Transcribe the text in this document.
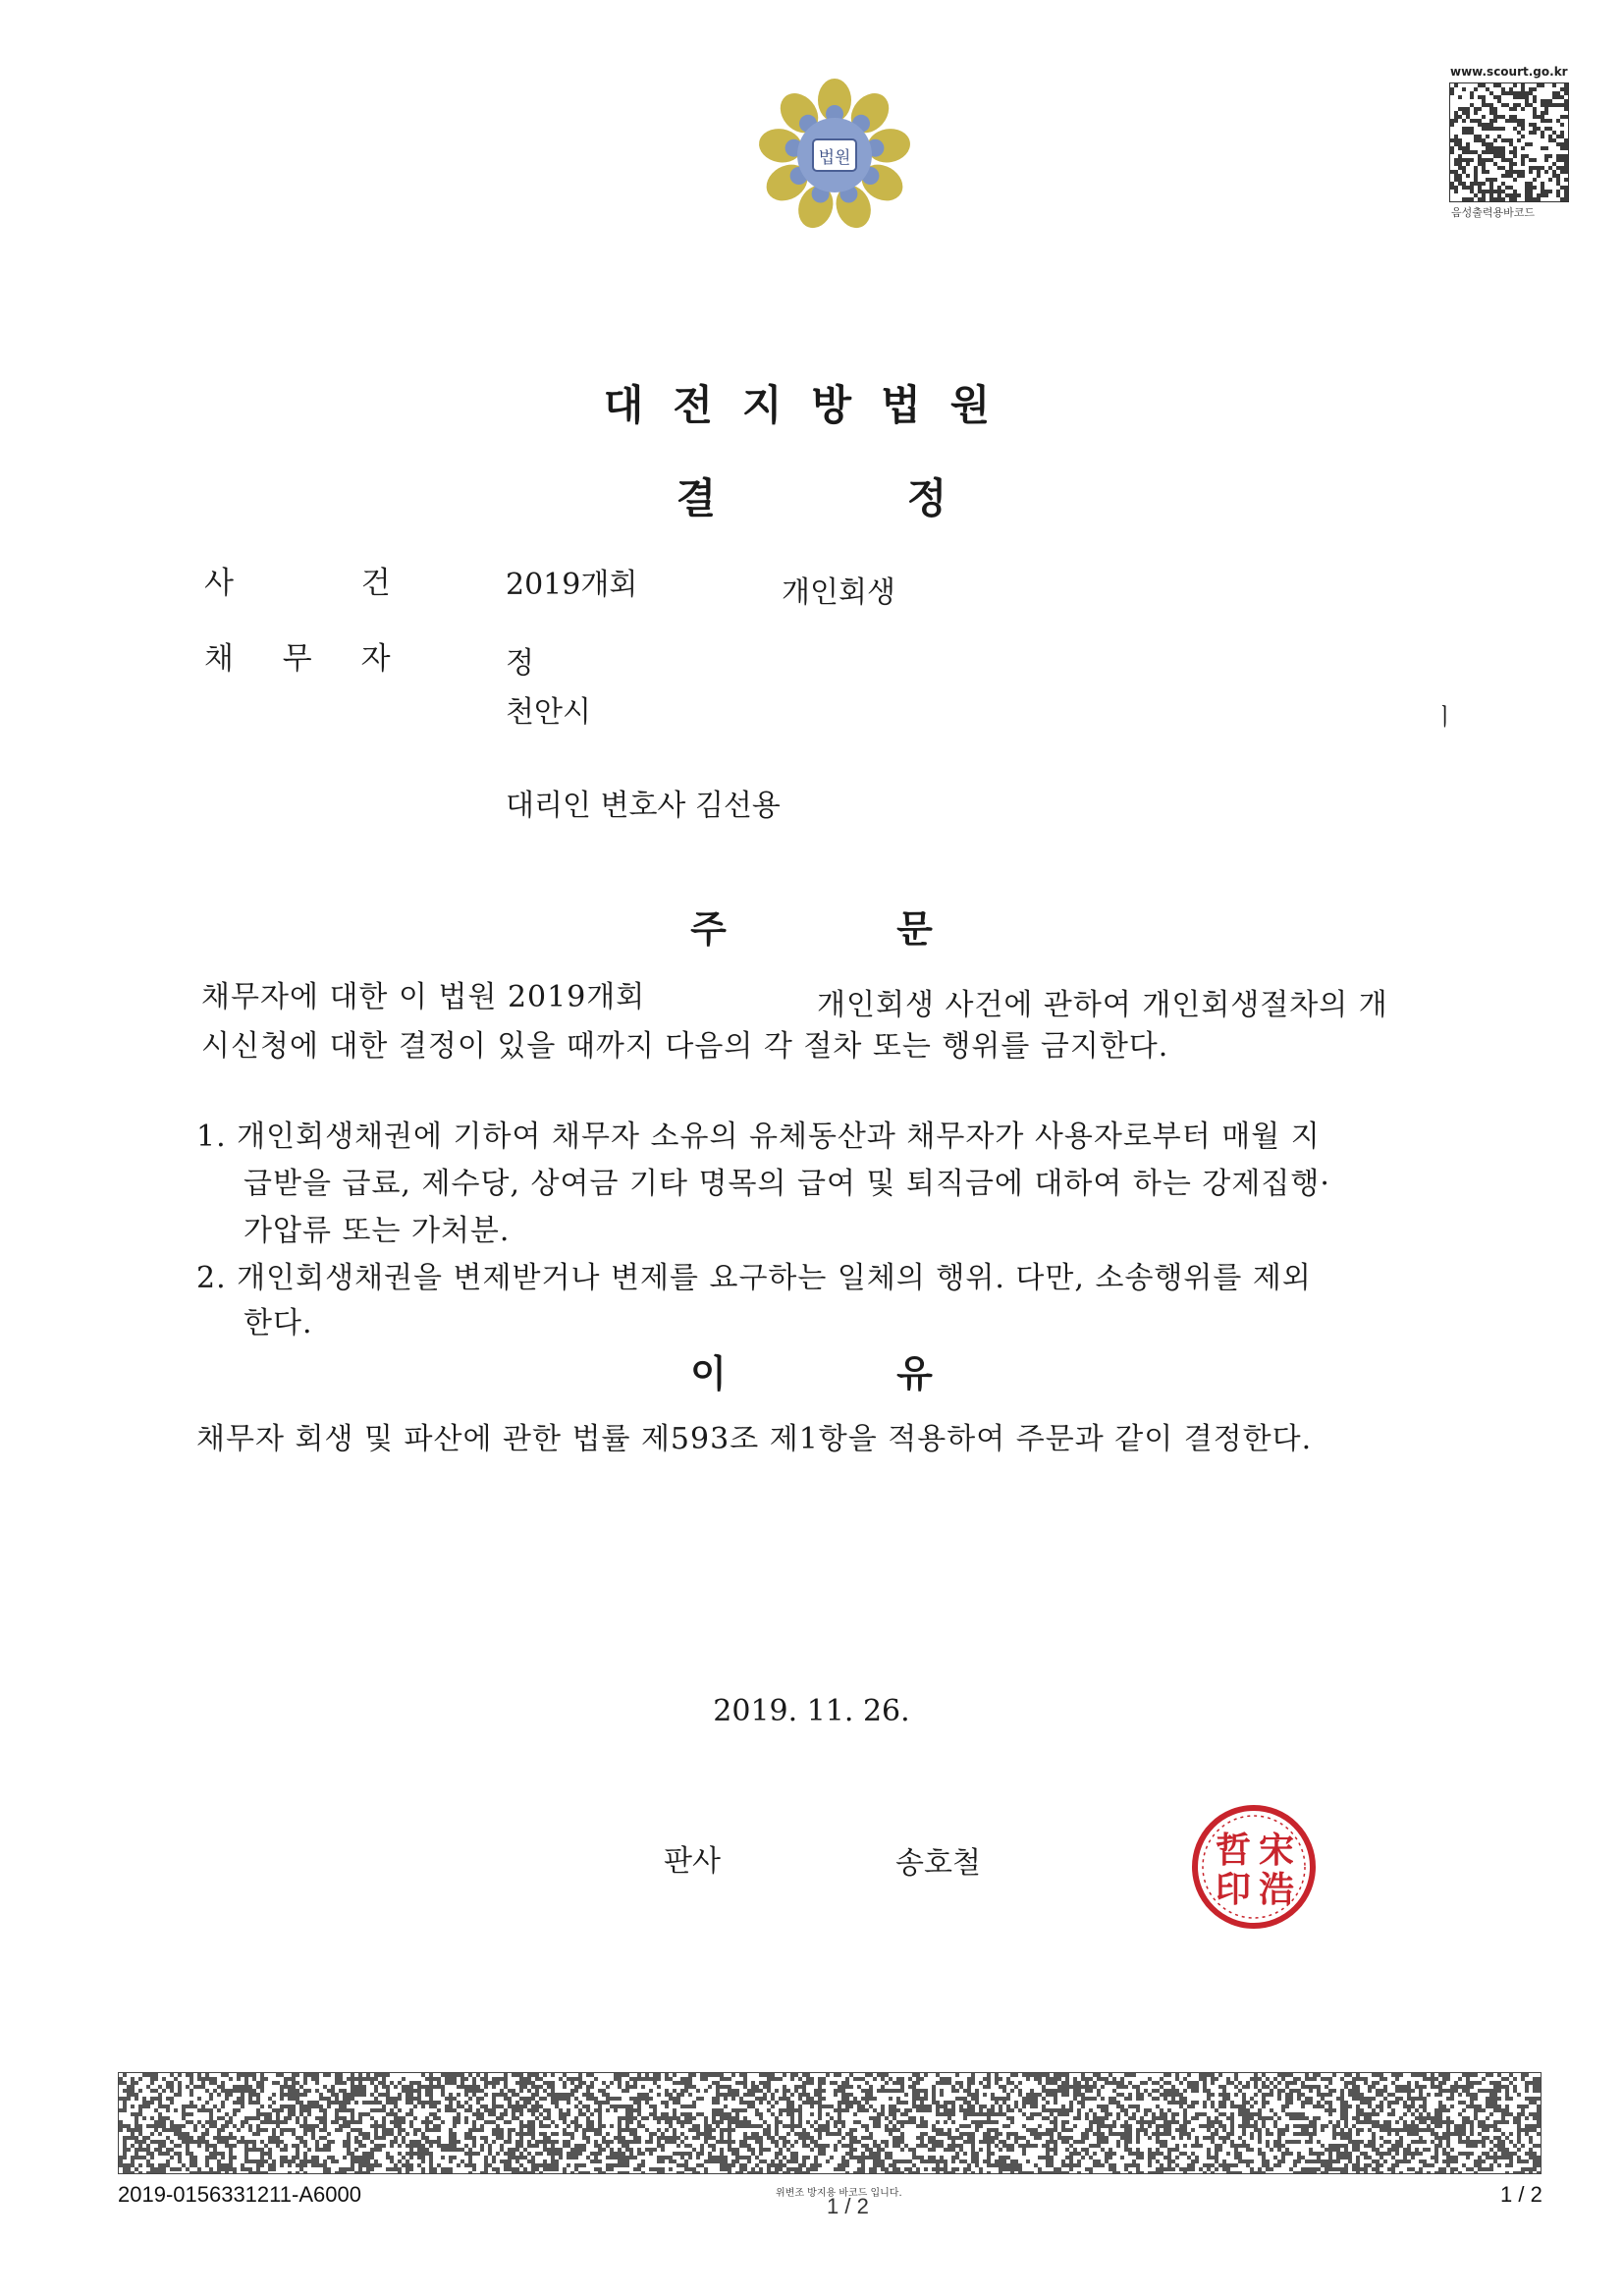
법원
www.scourt.go.kr
음성출력용바코드
대전지방법원
결 정
사 건	2019개회	개인회생
채 무 자	정
천안시	ㅣ
대리인 변호사 김선용
주 문
채무자에 대한 이 법원 2019개회	개인회생 사건에 관하여 개인회생절차의 개
시신청에 대한 결정이 있을 때까지 다음의 각 절차 또는 행위를 금지한다.
1. 개인회생채권에 기하여 채무자 소유의 유체동산과 채무자가 사용자로부터 매월 지
급받을 급료, 제수당, 상여금 기타 명목의 급여 및 퇴직금에 대하여 하는 강제집행·
가압류 또는 가처분.
2. 개인회생채권을 변제받거나 변제를 요구하는 일체의 행위. 다만, 소송행위를 제외
한다.
이 유
채무자 회생 및 파산에 관한 법률 제593조 제1항을 적용하여 주문과 같이 결정한다.
2019. 11. 26.
판사	송호철	宋
浩
哲
印
2019-0156331211-A6000	위변조 방지용 바코드 입니다.
1 / 2	1 / 2
